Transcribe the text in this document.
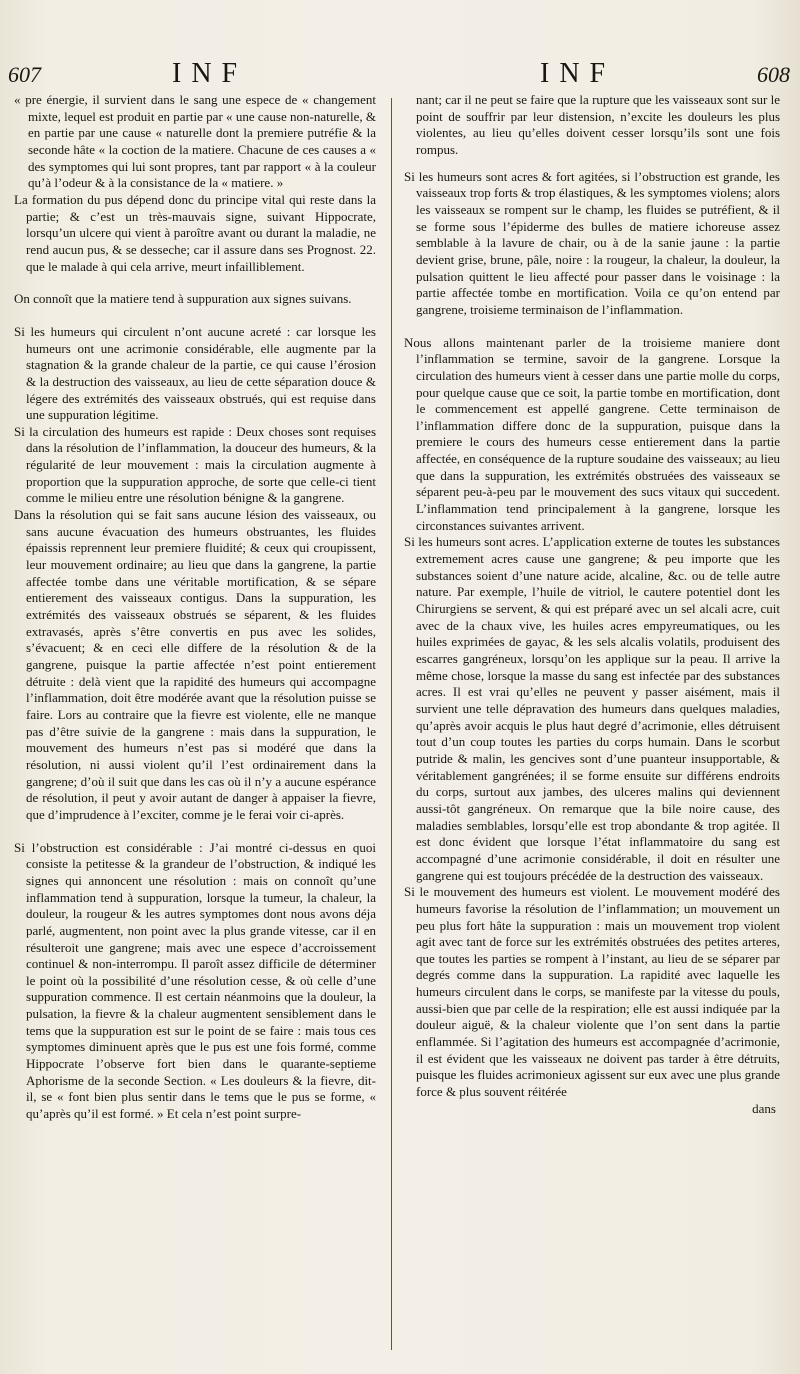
607	INF	INF	608

« pre énergie, il survient dans le sang une espece de « changement mixte, lequel est produit en partie par « une cause non-naturelle, & en partie par une cause « naturelle dont la premiere putréfie & la seconde hâte « la coction de la matiere. Chacune de ces causes a « des symptomes qui lui sont propres, tant par rapport « à la couleur qu’à l’odeur & à la consistance de la « matiere. »

La formation du pus dépend donc du principe vital qui reste dans la partie; & c’est un très-mauvais signe, suivant Hippocrate, lorsqu’un ulcere qui vient à paroître avant ou durant la maladie, ne rend aucun pus, & se desseche; car il assure dans ses Prognost. 22. que le malade à qui cela arrive, meurt infailliblement.

On connoît que la matiere tend à suppuration aux signes suivans.

Si les humeurs qui circulent n’ont aucune acreté : car lorsque les humeurs ont une acrimonie considérable, elle augmente par la stagnation & la grande chaleur de la partie, ce qui cause l’érosion & la destruction des vaisseaux, au lieu de cette séparation douce & légere des extrémités des vaisseaux obstrués, qui est requise dans une suppuration légitime.

Si la circulation des humeurs est rapide : Deux choses sont requises dans la résolution de l’inflammation, la douceur des humeurs, & la régularité de leur mouvement : mais la circulation augmente à proportion que la suppuration approche, de sorte que celle-ci tient comme le milieu entre une résolution bénigne & la gangrene.

Dans la résolution qui se fait sans aucune lésion des vaisseaux, ou sans aucune évacuation des humeurs obstruantes, les fluides épaissis reprennent leur premiere fluidité; & ceux qui croupissent, leur mouvement ordinaire; au lieu que dans la gangrene, la partie affectée tombe dans une véritable mortification, & se sépare entierement des vaisseaux contigus. Dans la suppuration, les extrémités des vaisseaux obstrués se séparent, & les fluides extravasés, après s’être convertis en pus avec les solides, s’évacuent; & en ceci elle differe de la résolution & de la gangrene, puisque la partie affectée n’est point entierement détruite : delà vient que la rapidité des humeurs qui accompagne l’inflammation, doit être modérée avant que la résolution puisse se faire. Lors au contraire que la fievre est violente, elle ne manque pas d’être suivie de la gangrene : mais dans la suppuration, le mouvement des humeurs n’est pas si modéré que dans la résolution, ni aussi violent qu’il l’est ordinairement dans la gangrene; d’où il suit que dans les cas où il n’y a aucune espérance de résolution, il peut y avoir autant de danger à appaiser la fievre, que d’imprudence à l’exciter, comme je le ferai voir ci-après.

Si l’obstruction est considérable : J’ai montré ci-dessus en quoi consiste la petitesse & la grandeur de l’obstruction, & indiqué les signes qui annoncent une résolution : mais on connoît qu’une inflammation tend à suppuration, lorsque la tumeur, la chaleur, la douleur, la rougeur & les autres symptomes dont nous avons déja parlé, augmentent, non point avec la plus grande vitesse, car il en résulteroit une gangrene; mais avec une espece d’accroissement continuel & non-interrompu. Il paroît assez difficile de déterminer le point où la possibilité d’une résolution cesse, & où celle d’une suppuration commence. Il est certain néanmoins que la douleur, la pulsation, la fievre & la chaleur augmentent sensiblement dans le tems que la suppuration est sur le point de se faire : mais tous ces symptomes diminuent après que le pus est une fois formé, comme Hippocrate l’observe fort bien dans le quarante-septieme Aphorisme de la seconde Section. « Les douleurs & la fievre, dit-il, se « font bien plus sentir dans le tems que le pus se forme, « qu’après qu’il est formé. » Et cela n’est point surpre-

nant; car il ne peut se faire que la rupture que les vaisseaux sont sur le point de souffrir par leur distension, n’excite les douleurs les plus violentes, au lieu qu’elles doivent cesser lorsqu’ils sont une fois rompus.

Si les humeurs sont acres & fort agitées, si l’obstruction est grande, les vaisseaux trop forts & trop élastiques, & les symptomes violens; alors les vaisseaux se rompent sur le champ, les fluides se putréfient, & il se forme sous l’épiderme des bulles de matiere ichoreuse assez semblable à la lavure de chair, ou à de la sanie jaune : la partie devient grise, brune, pâle, noire : la rougeur, la chaleur, la douleur, la pulsation quittent le lieu affecté pour passer dans le voisinage : la partie affectée tombe en mortification. Voila ce qu’on entend par gangrene, troisieme terminaison de l’inflammation.

Nous allons maintenant parler de la troisieme maniere dont l’inflammation se termine, savoir de la gangrene. Lorsque la circulation des humeurs vient à cesser dans une partie molle du corps, pour quelque cause que ce soit, la partie tombe en mortification, dont le commencement est appellé gangrene. Cette terminaison de l’inflammation differe donc de la suppuration, puisque dans la premiere le cours des humeurs cesse entierement dans la partie affectée, en conséquence de la rupture soudaine des vaisseaux; au lieu que dans la suppuration, les extrémités obstruées des vaisseaux se séparent peu-à-peu par le mouvement des sucs vitaux qui succedent. L’inflammation tend principalement à la gangrene, lorsque les circonstances suivantes arrivent.

Si les humeurs sont acres. L’application externe de toutes les substances extremement acres cause une gangrene; & peu importe que les substances soient d’une nature acide, alcaline, &c. ou de telle autre nature. Par exemple, l’huile de vitriol, le cautere potentiel dont les Chirurgiens se servent, & qui est préparé avec un sel alcali acre, cuit avec de la chaux vive, les huiles acres empyreumatiques, ou les huiles exprimées de gayac, & les sels alcalis volatils, produisent des escarres gangréneux, lorsqu’on les applique sur la peau. Il arrive la même chose, lorsque la masse du sang est infectée par des substances acres. Il est vrai qu’elles ne peuvent y passer aisément, mais il survient une telle dépravation des humeurs dans quelques maladies, qu’après avoir acquis le plus haut degré d’acrimonie, elles détruisent tout d’un coup toutes les parties du corps humain. Dans le scorbut putride & malin, les gencives sont d’une puanteur insupportable, & véritablement gangrénées; il se forme ensuite sur différens endroits du corps, surtout aux jambes, des ulceres malins qui deviennent aussi-tôt gangréneux. On remarque que la bile noire cause, des maladies semblables, lorsqu’elle est trop abondante & trop agitée. Il est donc évident que lorsque l’état inflammatoire du sang est accompagné d’une acrimonie considérable, il doit en résulter une gangrene qui est toujours précédée de la destruction des vaisseaux.

Si le mouvement des humeurs est violent. Le mouvement modéré des humeurs favorise la résolution de l’inflammation; un mouvement un peu plus fort hâte la suppuration : mais un mouvement trop violent agit avec tant de force sur les extrémités obstruées des petites arteres, que toutes les parties se rompent à l’instant, au lieu de se séparer par degrés comme dans la suppuration. La rapidité avec laquelle les humeurs circulent dans le corps, se manifeste par la vitesse du pouls, aussi-bien que par celle de la respiration; elle est aussi indiquée par la douleur aiguë, & la chaleur violente que l’on sent dans la partie enflammée. Si l’agitation des humeurs est accompagnée d’acrimonie, il est évident que les vaisseaux ne doivent pas tarder à être détruits, puisque les fluides acrimonieux agissent sur eux avec une plus grande force & plus souvent réitérée

dans
